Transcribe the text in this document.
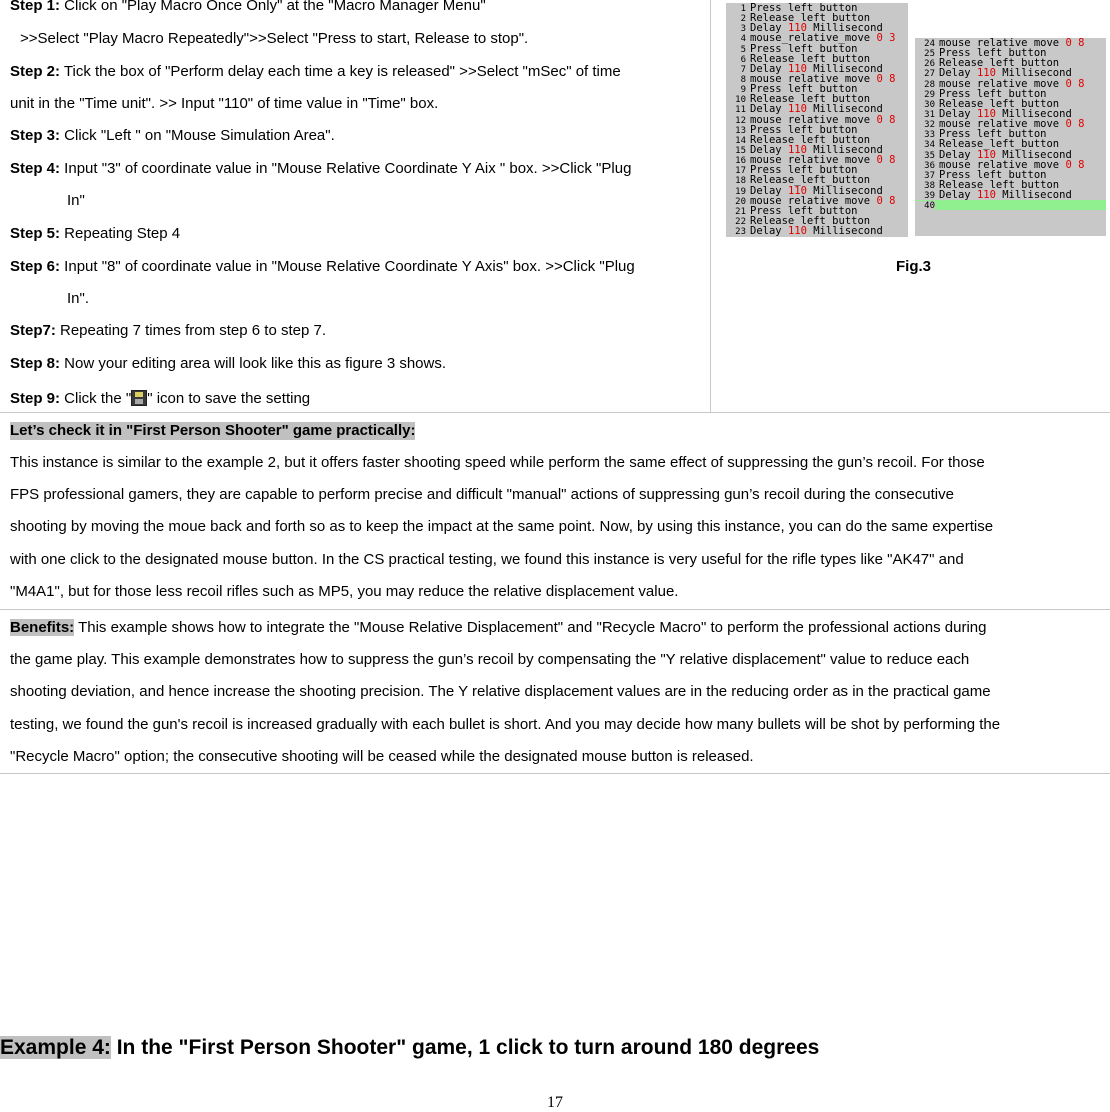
Step 1: Click on "Play Macro Once Only" at the "Macro Manager Menu"
>>Select "Play Macro Repeatedly">>Select "Press to start, Release to stop".
Step 2: Tick the box of "Perform delay each time a key is released" >>Select "mSec" of time
unit in the "Time unit". >> Input "110" of time value in "Time" box.
Step 3: Click "Left " on "Mouse Simulation Area".
Step 4: Input "3" of coordinate value in "Mouse Relative Coordinate Y Aix " box. >>Click "Plug
In"
Step 5: Repeating Step 4
Step 6: Input "8" of coordinate value in "Mouse Relative Coordinate Y Axis" box. >>Click "Plug
In".
Step7: Repeating 7 times from step 6 to step 7.
Step 8: Now your editing area will look like this as figure 3 shows.
Step 9: Click the " " icon to save the setting
1 Press_left_button
2 Release_left_button
3 Delay 110 Millisecond
4 mouse_relative_move 0 3
5 Press_left_button
6 Release_left_button
7 Delay 110 Millisecond
8 mouse_relative_move 0 8
9 Press_left_button
10 Release_left_button
11 Delay 110 Millisecond
12 mouse_relative_move 0 8
13 Press_left_button
14 Release_left_button
15 Delay 110 Millisecond
16 mouse_relative_move 0 8
17 Press_left_button
18 Release_left_button
19 Delay 110 Millisecond
20 mouse_relative_move 0 8
21 Press_left_button
22 Release_left_button
23 Delay 110 Millisecond
24 mouse_relative_move 0 8
25 Press_left_button
26 Release_left_button
27 Delay 110 Millisecond
28 mouse_relative_move 0 8
29 Press_left_button
30 Release_left_button
31 Delay 110 Millisecond
32 mouse_relative_move 0 8
33 Press_left_button
34 Release_left_button
35 Delay 110 Millisecond
36 mouse_relative_move 0 8
37 Press_left_button
38 Release_left_button
39 Delay 110 Millisecond
40
Fig.3
Let’s check it in "First Person Shooter" game practically:
This instance is similar to the example 2, but it offers faster shooting speed while perform the same effect of suppressing the gun’s recoil. For those
FPS professional gamers, they are capable to perform precise and difficult "manual" actions of suppressing gun’s recoil during the consecutive
shooting by moving the moue back and forth so as to keep the impact at the same point. Now, by using this instance, you can do the same expertise
with one click to the designated mouse button. In the CS practical testing, we found this instance is very useful for the rifle types like "AK47" and
"M4A1", but for those less recoil rifles such as MP5, you may reduce the relative displacement value.
Benefits: This example shows how to integrate the "Mouse Relative Displacement" and "Recycle Macro" to perform the professional actions during
the game play. This example demonstrates how to suppress the gun’s recoil by compensating the "Y relative displacement" value to reduce each
shooting deviation, and hence increase the shooting precision. The Y relative displacement values are in the reducing order as in the practical game
testing, we found the gun's recoil is increased gradually with each bullet is short. And you may decide how many bullets will be shot by performing the
"Recycle Macro" option; the consecutive shooting will be ceased while the designated mouse button is released.
Example 4: In the "First Person Shooter" game, 1 click to turn around 180 degrees
17
